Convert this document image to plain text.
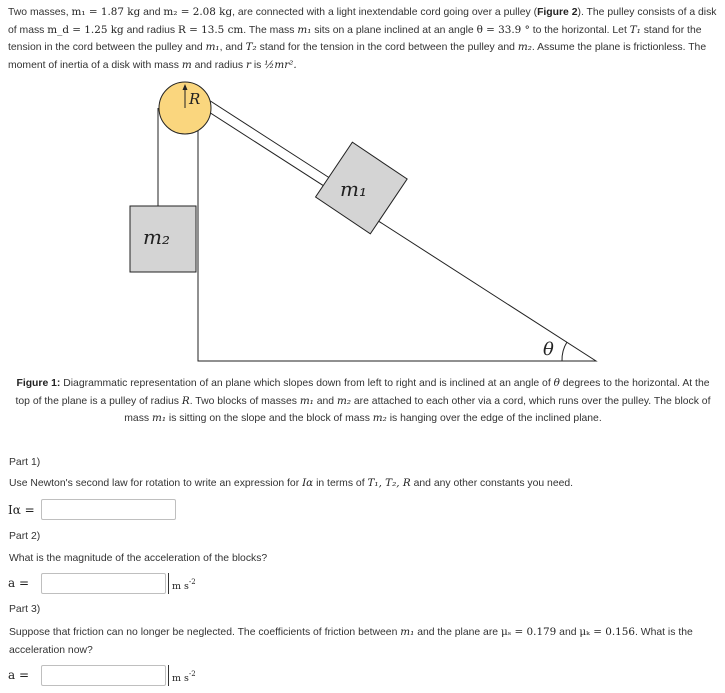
Two masses, m₁ = 1.87 kg and m₂ = 2.08 kg, are connected with a light inextendable cord going over a pulley (Figure 2). The pulley consists of a disk of mass m_d = 1.25 kg and radius R = 13.5 cm. The mass m₁ sits on a plane inclined at an angle θ = 33.9 ° to the horizontal. Let T₁ stand for the tension in the cord between the pulley and m₁, and T₂ stand for the tension in the cord between the pulley and m₂. Assume the plane is frictionless. The moment of inertia of a disk with mass m and radius r is ½mr².

R
m₂
m₁
θ

Figure 1: Diagrammatic representation of an plane which slopes down from left to right and is inclined at an angle of θ degrees to the horizontal. At the top of the plane is a pulley of radius R. Two blocks of masses m₁ and m₂ are attached to each other via a cord, which runs over the pulley. The block of mass m₁ is sitting on the slope and the block of mass m₂ is hanging over the edge of the inclined plane.

Part 1)

Use Newton's second law for rotation to write an expression for Iα in terms of T₁, T₂, R and any other constants you need.

Iα =

Part 2)

What is the magnitude of the acceleration of the blocks?

a =	m $s^{-2}$

Part 3)

Suppose that friction can no longer be neglected. The coefficients of friction between m₁ and the plane are μₛ = 0.179 and μₖ = 0.156. What is the acceleration now?

a =	m $s^{-2}$
